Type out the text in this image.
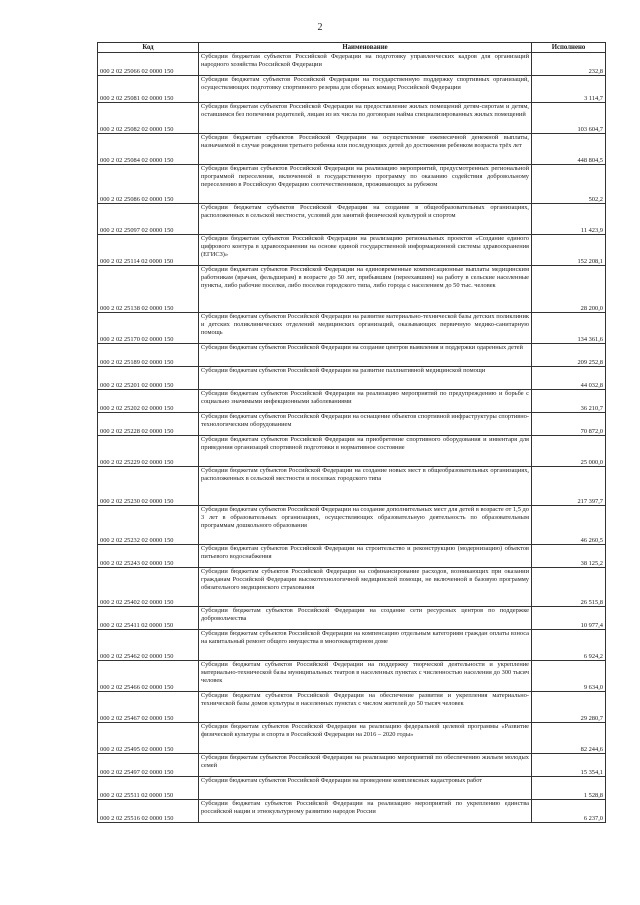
2
Код	Наименование	Исполнено
000 2 02 25066 02 0000 150	Субсидии бюджетам субъектов Российской Федерации на подготовку управленческих кадров для организаций народного хозяйства Российской Федерации	232,8
000 2 02 25081 02 0000 150	Субсидии бюджетам субъектов Российской Федерации на государственную поддержку спортивных организаций, осуществляющих подготовку спортивного резерва для сборных команд Российской Федерации	3 114,7
000 2 02 25082 02 0000 150	Субсидии бюджетам субъектов Российской Федерации на предоставление жилых помещений детям-сиротам и детям, оставшимся без попечения родителей, лицам из их числа по договорам найма специализированных жилых помещений	103 604,7
000 2 02 25084 02 0000 150	Субсидии бюджетам субъектов Российской Федерации на осуществление ежемесячной денежной выплаты, назначаемой в случае рождения третьего ребенка или последующих детей до достижения ребенком возраста трёх лет	448 804,5
000 2 02 25086 02 0000 150	Субсидии бюджетам субъектов Российской Федерации на реализацию мероприятий, предусмотренных региональной программой переселения, включенной в государственную программу по оказанию содействия добровольному переселению в Российскую Федерацию соотечественников, проживающих за рубежом	502,2
000 2 02 25097 02 0000 150	Субсидии бюджетам субъектов Российской Федерации на создание в общеобразовательных организациях, расположенных в сельской местности, условий для занятий физической культурой и спортом	11 423,9
000 2 02 25114 02 0000 150	Субсидии бюджетам субъектов Российской Федерации на реализацию региональных проектов «Создание единого цифрового контура в здравоохранении на основе единой государственной информационной системы здравоохранения (ЕГИСЗ)»	152 208,1
000 2 02 25138 02 0000 150	Субсидии бюджетам субъектов Российской Федерации на единовременные компенсационные выплаты медицинским работникам (врачам, фельдшерам) в возрасте до 50 лет, прибывшим (переехавшим) на работу в сельские населенные пункты, либо рабочие поселки, либо поселки городского типа, либо города с населением до 50 тыс. человек	28 200,0
000 2 02 25170 02 0000 150	Субсидии бюджетам субъектов Российской Федерации на развитие материально-технической базы детских поликлиник и детских поликлинических отделений медицинских организаций, оказывающих первичную медико-санитарную помощь	134 361,6
000 2 02 25189 02 0000 150	Субсидии бюджетам субъектов Российской Федерации на создание центров выявления и поддержки одаренных детей	209 252,8
000 2 02 25201 02 0000 150	Субсидии бюджетам субъектов Российской Федерации на развитие паллиативной медицинской помощи	44 032,8
000 2 02 25202 02 0000 150	Субсидии бюджетам субъектов Российской Федерации на реализацию мероприятий по предупреждению и борьбе с социально значимыми инфекционными заболеваниями	36 210,7
000 2 02 25228 02 0000 150	Субсидии бюджетам субъектов Российской Федерации на оснащение объектов спортивной инфраструктуры спортивно-технологическим оборудованием	70 872,0
000 2 02 25229 02 0000 150	Субсидии бюджетам субъектов Российской Федерации на приобретение спортивного оборудования и инвентаря для приведения организаций спортивной подготовки в нормативное состояние	25 000,0
000 2 02 25230 02 0000 150	Субсидии бюджетам субъектов Российской Федерации на создание новых мест в общеобразовательных организациях, расположенных в сельской местности и поселках городского типа	217 397,7
000 2 02 25232 02 0000 150	Субсидии бюджетам субъектов Российской Федерации на создание дополнительных мест для детей в возрасте от 1,5 до 3 лет в образовательных организациях, осуществляющих образовательную деятельность по образовательным программам дошкольного образования	46 260,5
000 2 02 25243 02 0000 150	Субсидии бюджетам субъектов Российской Федерации на строительство и реконструкцию (модернизацию) объектов питьевого водоснабжения	38 125,2
000 2 02 25402 02 0000 150	Субсидии бюджетам субъектов Российской Федерации на софинансирование расходов, возникающих при оказании гражданам Российской Федерации высокотехнологичной медицинской помощи, не включенной в базовую программу обязательного медицинского страхования	26 515,8
000 2 02 25411 02 0000 150	Субсидии бюджетам субъектов Российской Федерации на создание сети ресурсных центров по поддержке добровольчества	10 977,4
000 2 02 25462 02 0000 150	Субсидии бюджетам субъектов Российской Федерации на компенсацию отдельным категориям граждан оплаты взноса на капитальный ремонт общего имущества в многоквартирном доме	6 924,2
000 2 02 25466 02 0000 150	Субсидии бюджетам субъектов Российской Федерации на поддержку творческой деятельности и укрепление материально-технической базы муниципальных театров в населенных пунктах с численностью населения до 300 тысяч человек	9 634,0
000 2 02 25467 02 0000 150	Субсидии бюджетам субъектов Российской Федерации на обеспечение развития и укрепления материально-технической базы домов культуры в населенных пунктах с числом жителей до 50 тысяч человек	29 280,7
000 2 02 25495 02 0000 150	Субсидии бюджетам субъектов Российской Федерации на реализацию федеральной целевой программы «Развитие физической культуры и спорта в Российской Федерации на 2016 – 2020 годы»	82 244,6
000 2 02 25497 02 0000 150	Субсидии бюджетам субъектов Российской Федерации на реализацию мероприятий по обеспечению жильем молодых семей	15 354,1
000 2 02 25511 02 0000 150	Субсидии бюджетам субъектов Российской Федерации на проведение комплексных кадастровых работ	1 528,8
000 2 02 25516 02 0000 150	Субсидии бюджетам субъектов Российской Федерации на реализацию мероприятий по укреплению единства российской нации и этнокультурному развитию народов России	6 237,0
